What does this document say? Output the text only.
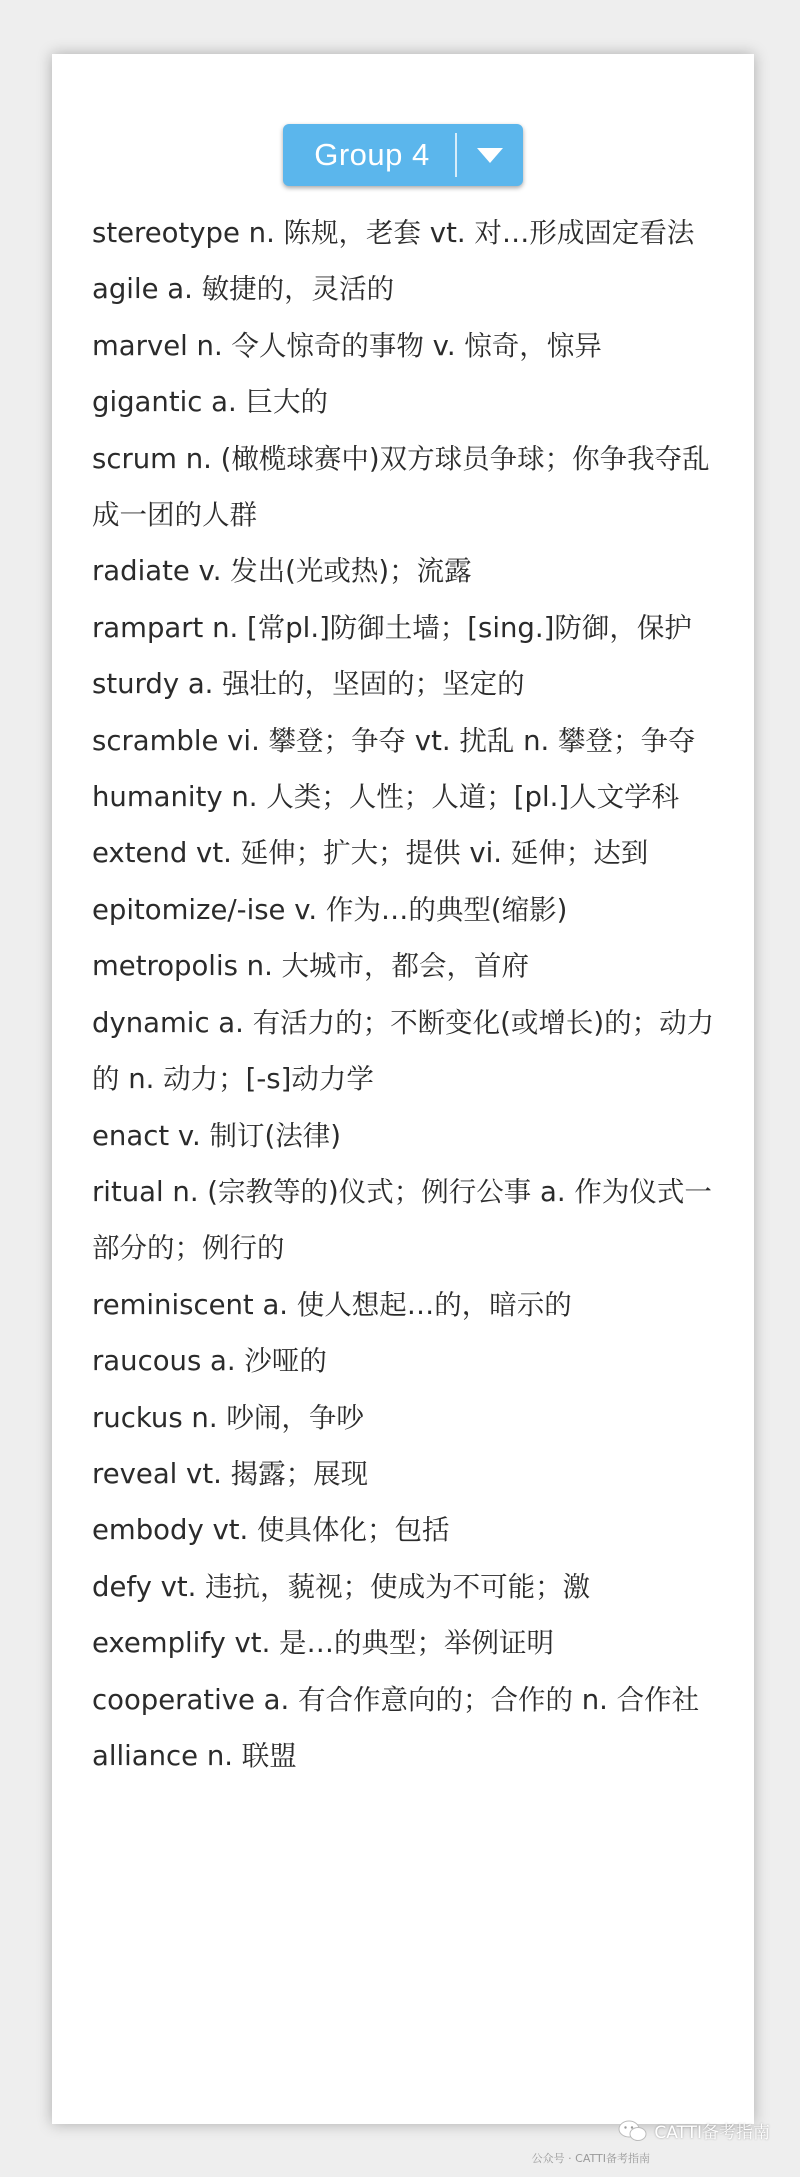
Group 4
stereotype n. 陈规，老套 vt. 对…形成固定看法
agile a. 敏捷的，灵活的
marvel n. 令人惊奇的事物 v. 惊奇，惊异
gigantic a. 巨大的
scrum n. (橄榄球赛中)双方球员争球；你争我夺乱成一团的人群
radiate v. 发出(光或热)；流露
rampart n. [常pl.]防御土墙；[sing.]防御，保护
sturdy a. 强壮的，坚固的；坚定的
scramble vi. 攀登；争夺 vt. 扰乱 n. 攀登；争夺
humanity n. 人类；人性；人道；[pl.]人文学科
extend vt. 延伸；扩大；提供 vi. 延伸；达到
epitomize/-ise v. 作为…的典型(缩影)
metropolis n. 大城市，都会，首府
dynamic a. 有活力的；不断变化(或增长)的；动力的 n. 动力；[-s]动力学
enact v. 制订(法律)
ritual n. (宗教等的)仪式；例行公事 a. 作为仪式一部分的；例行的
reminiscent a. 使人想起…的，暗示的
raucous a. 沙哑的
ruckus n. 吵闹，争吵
reveal vt. 揭露；展现
embody vt. 使具体化；包括
defy vt. 违抗，藐视；使成为不可能；激
exemplify vt. 是…的典型；举例证明
cooperative a. 有合作意向的；合作的 n. 合作社
alliance n. 联盟
CATTI备考指南
公众号 · CATTI备考指南
